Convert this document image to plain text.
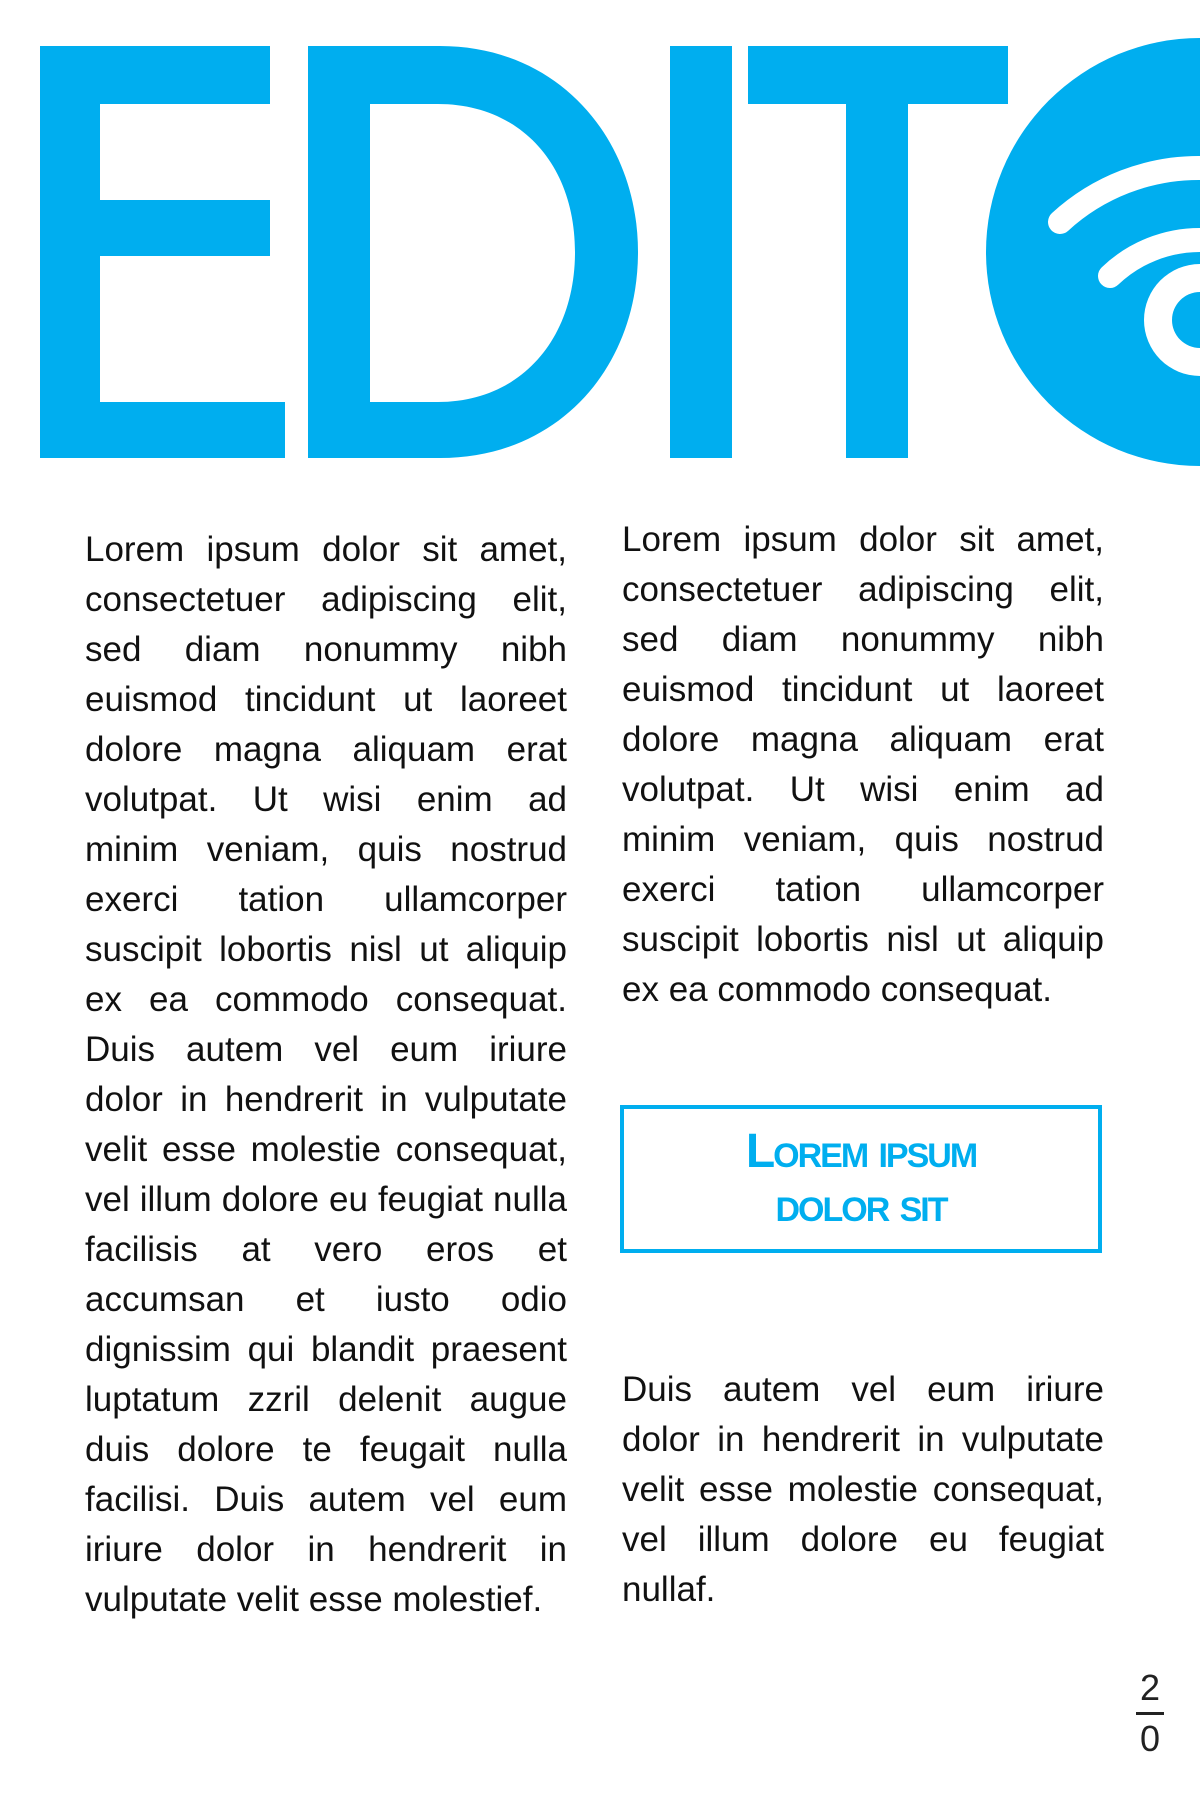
Lorem ipsum dolor sit amet, consectetuer adipiscing elit, sed diam nonummy nibh euismod tincidunt ut laoreet dolore magna aliquam erat volutpat. Ut wisi enim ad minim veniam, quis nostrud exerci tation ullamcorper suscipit lobortis nisl ut aliquip ex ea commodo consequat. Duis autem vel eum iriure dolor in hendrerit in vulputate velit esse molestie consequat, vel illum dolore eu feugiat nulla facilisis at vero eros et accumsan et iusto odio dignissim qui blandit praesent luptatum zzril delenit augue duis dolore te feugait nulla facilisi. Duis autem vel eum iriure dolor in hendrerit in vulputate velit esse molestief.

Lorem ipsum dolor sit amet, consectetuer adipiscing elit, sed diam nonummy nibh euismod tincidunt ut laoreet dolore magna aliquam erat volutpat. Ut wisi enim ad minim veniam, quis nostrud exerci tation ullamcorper suscipit lobortis nisl ut aliquip ex ea commodo consequat.

Lorem ipsum
dolor sit

Duis autem vel eum iriure dolor in hendrerit in vulputate velit esse molestie consequat, vel illum dolore eu feugiat nullaf.

2
0
